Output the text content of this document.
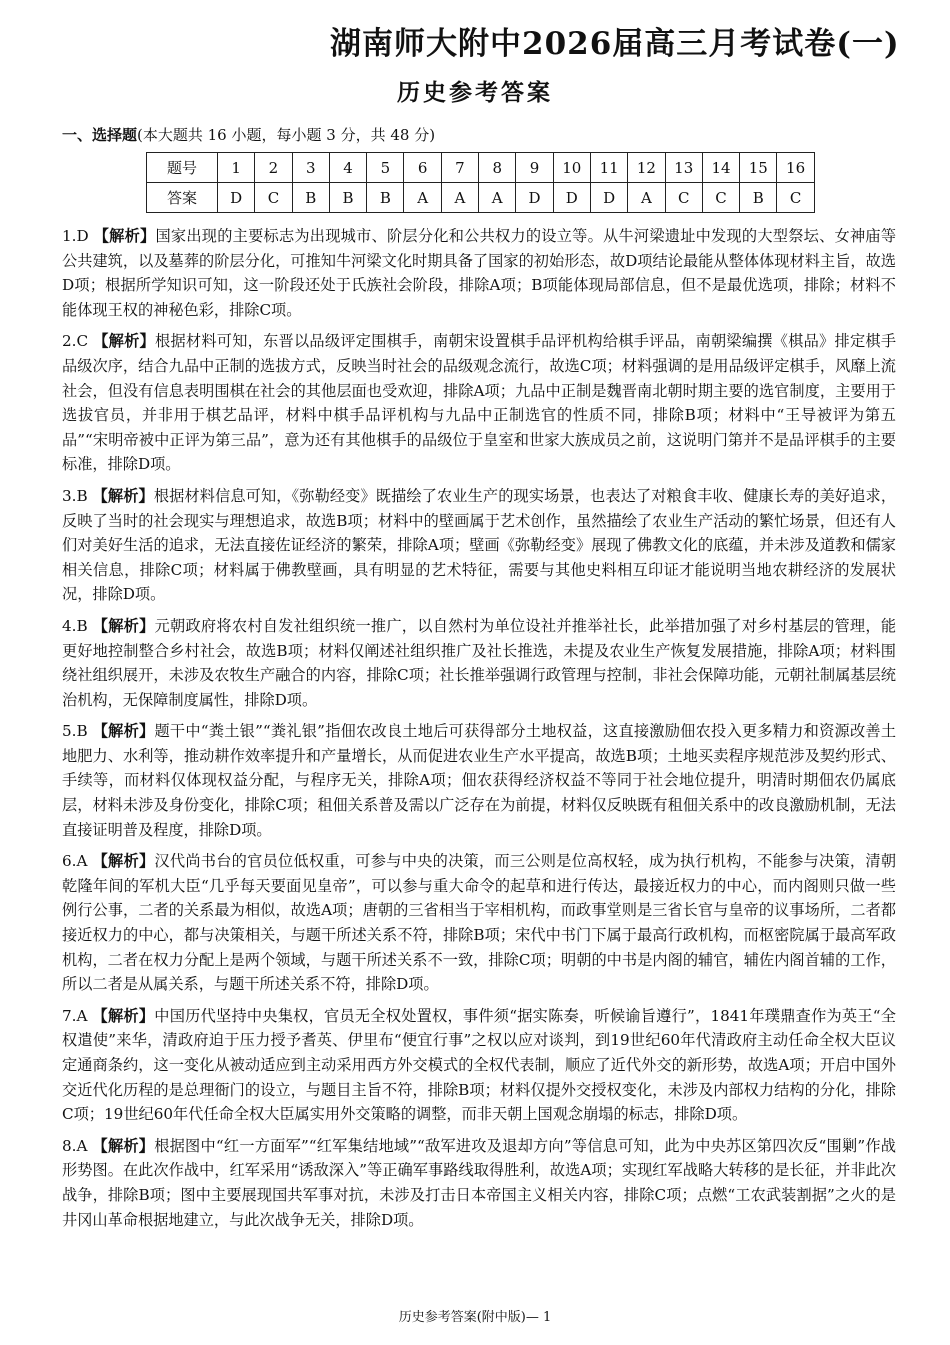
湖南师大附中2026届高三月考试卷(一)
历史参考答案
一、选择题(本大题共 16 小题，每小题 3 分，共 48 分)
题号	1	2	3	4	5	6	7	8	9	10	11	12	13	14	15	16
答案	D	C	B	B	B	A	A	A	D	D	D	A	C	C	B	C

1.D 【解析】国家出现的主要标志为出现城市、阶层分化和公共权力的设立等。从牛河梁遗址中发现的大型祭坛、女神庙等公共建筑，以及墓葬的阶层分化，可推知牛河梁文化时期具备了国家的初始形态，故D项结论最能从整体体现材料主旨，故选D项；根据所学知识可知，这一阶段还处于氏族社会阶段，排除A项；B项能体现局部信息，但不是最优选项，排除；材料不能体现王权的神秘色彩，排除C项。

2.C 【解析】根据材料可知，东晋以品级评定围棋手，南朝宋设置棋手品评机构给棋手评品，南朝梁编撰《棋品》排定棋手品级次序，结合九品中正制的选拔方式，反映当时社会的品级观念流行，故选C项；材料强调的是用品级评定棋手，风靡上流社会，但没有信息表明围棋在社会的其他层面也受欢迎，排除A项；九品中正制是魏晋南北朝时期主要的选官制度，主要用于选拔官员，并非用于棋艺品评，材料中棋手品评机构与九品中正制选官的性质不同，排除B项；材料中“王导被评为第五品”“宋明帝被中正评为第三品”，意为还有其他棋手的品级位于皇室和世家大族成员之前，这说明门第并不是品评棋手的主要标准，排除D项。

3.B 【解析】根据材料信息可知，《弥勒经变》既描绘了农业生产的现实场景，也表达了对粮食丰收、健康长寿的美好追求，反映了当时的社会现实与理想追求，故选B项；材料中的壁画属于艺术创作，虽然描绘了农业生产活动的繁忙场景，但还有人们对美好生活的追求，无法直接佐证经济的繁荣，排除A项；壁画《弥勒经变》展现了佛教文化的底蕴，并未涉及道教和儒家相关信息，排除C项；材料属于佛教壁画，具有明显的艺术特征，需要与其他史料相互印证才能说明当地农耕经济的发展状况，排除D项。

4.B 【解析】元朝政府将农村自发社组织统一推广，以自然村为单位设社并推举社长，此举措加强了对乡村基层的管理，能更好地控制整合乡村社会，故选B项；材料仅阐述社组织推广及社长推选，未提及农业生产恢复发展措施，排除A项；材料围绕社组织展开，未涉及农牧生产融合的内容，排除C项；社长推举强调行政管理与控制，非社会保障功能，元朝社制属基层统治机构，无保障制度属性，排除D项。

5.B 【解析】题干中“粪土银”“粪礼银”指佃农改良土地后可获得部分土地权益，这直接激励佃农投入更多精力和资源改善土地肥力、水利等，推动耕作效率提升和产量增长，从而促进农业生产水平提高，故选B项；土地买卖程序规范涉及契约形式、手续等，而材料仅体现权益分配，与程序无关，排除A项；佃农获得经济权益不等同于社会地位提升，明清时期佃农仍属底层，材料未涉及身份变化，排除C项；租佃关系普及需以广泛存在为前提，材料仅反映既有租佃关系中的改良激励机制，无法直接证明普及程度，排除D项。

6.A 【解析】汉代尚书台的官员位低权重，可参与中央的决策，而三公则是位高权轻，成为执行机构，不能参与决策，清朝乾隆年间的军机大臣“几乎每天要面见皇帝”，可以参与重大命令的起草和进行传达，最接近权力的中心，而内阁则只做一些例行公事，二者的关系最为相似，故选A项；唐朝的三省相当于宰相机构，而政事堂则是三省长官与皇帝的议事场所，二者都接近权力的中心，都与决策相关，与题干所述关系不符，排除B项；宋代中书门下属于最高行政机构，而枢密院属于最高军政机构，二者在权力分配上是两个领域，与题干所述关系不一致，排除C项；明朝的中书是内阁的辅官，辅佐内阁首辅的工作，所以二者是从属关系，与题干所述关系不符，排除D项。

7.A 【解析】中国历代坚持中央集权，官员无全权处置权，事件须“据实陈奏，听候谕旨遵行”，1841年璞鼎查作为英王“全权遣使”来华，清政府迫于压力授予耆英、伊里布“便宜行事”之权以应对谈判，到19世纪60年代清政府主动任命全权大臣议定通商条约，这一变化从被动适应到主动采用西方外交模式的全权代表制，顺应了近代外交的新形势，故选A项；开启中国外交近代化历程的是总理衙门的设立，与题目主旨不符，排除B项；材料仅提外交授权变化，未涉及内部权力结构的分化，排除C项；19世纪60年代任命全权大臣属实用外交策略的调整，而非天朝上国观念崩塌的标志，排除D项。

8.A 【解析】根据图中“红一方面军”“红军集结地域”“敌军进攻及退却方向”等信息可知，此为中央苏区第四次反“围剿”作战形势图。在此次作战中，红军采用“诱敌深入”等正确军事路线取得胜利，故选A项；实现红军战略大转移的是长征，并非此次战争，排除B项；图中主要展现国共军事对抗，未涉及打击日本帝国主义相关内容，排除C项；点燃“工农武装割据”之火的是井冈山革命根据地建立，与此次战争无关，排除D项。

历史参考答案(附中版)— 1
